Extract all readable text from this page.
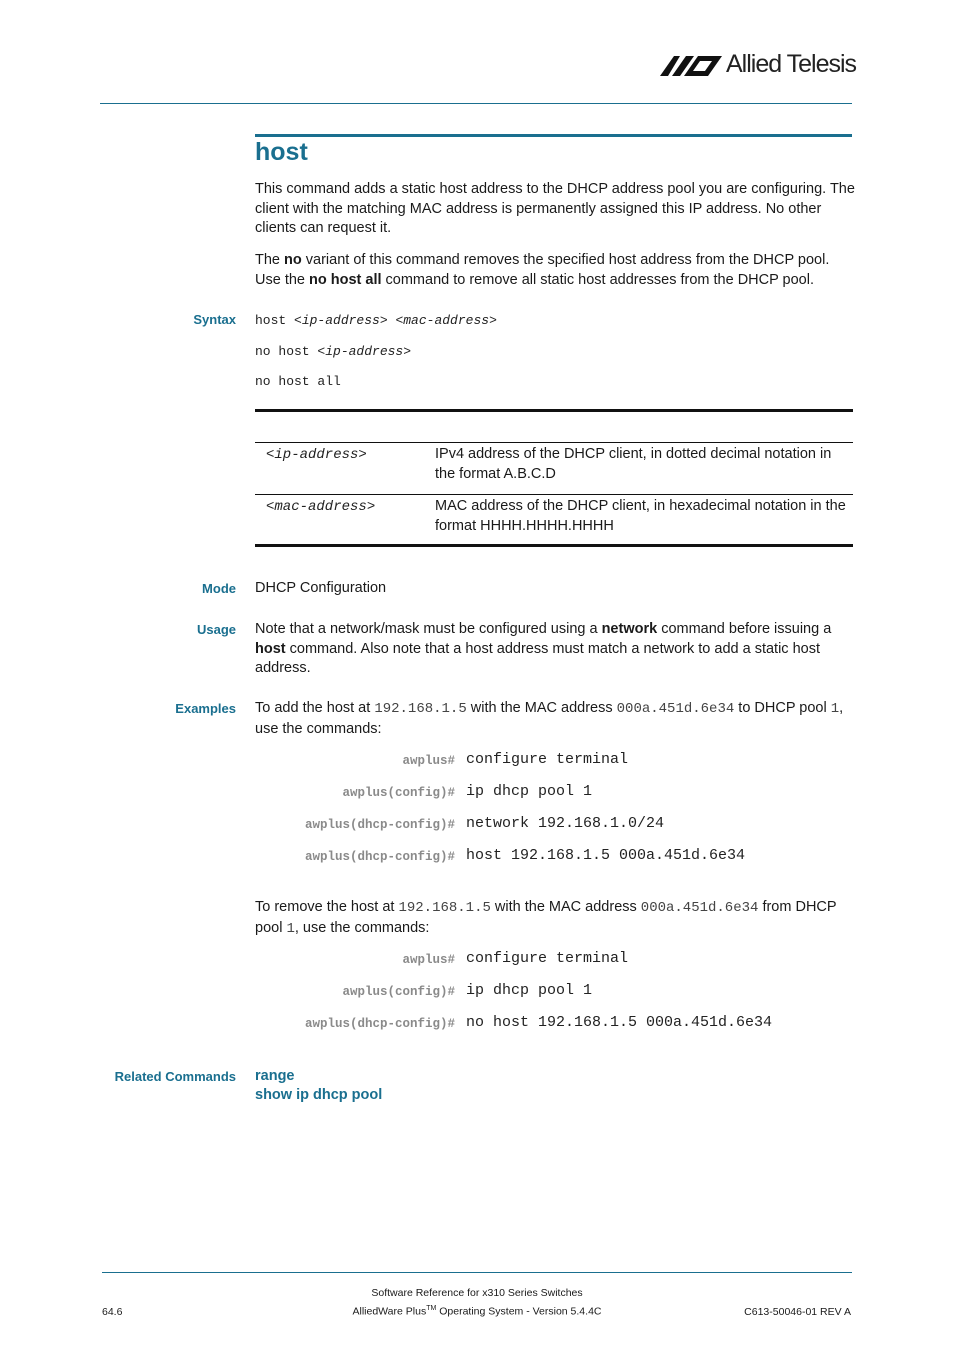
Allied Telesis
host
This command adds a static host address to the DHCP address pool you are configuring. The client with the matching MAC address is permanently assigned this IP address. No other clients can request it.
The no variant of this command removes the specified host address from the DHCP pool. Use the no host all command to remove all static host addresses from the DHCP pool.
Syntax host <ip-address> <mac-address>
no host <ip-address>
no host all
<ip-address>	IPv4 address of the DHCP client, in dotted decimal notation in the format A.B.C.D
<mac-address>	MAC address of the DHCP client, in hexadecimal notation in the format HHHH.HHHH.HHHH
Mode DHCP Configuration
Usage Note that a network/mask must be configured using a network command before issuing a host command. Also note that a host address must match a network to add a static host address.
Examples To add the host at 192.168.1.5 with the MAC address 000a.451d.6e34 to DHCP pool 1, use the commands:
awplus# configure terminal
awplus(config)# ip dhcp pool 1
awplus(dhcp-config)# network 192.168.1.0/24
awplus(dhcp-config)# host 192.168.1.5 000a.451d.6e34
To remove the host at 192.168.1.5 with the MAC address 000a.451d.6e34 from DHCP pool 1, use the commands:
awplus# configure terminal
awplus(config)# ip dhcp pool 1
awplus(dhcp-config)# no host 192.168.1.5 000a.451d.6e34
Related Commands range
show ip dhcp pool
Software Reference for x310 Series Switches
AlliedWare Plus™ Operating System - Version 5.4.4C
64.6	C613-50046-01 REV A
